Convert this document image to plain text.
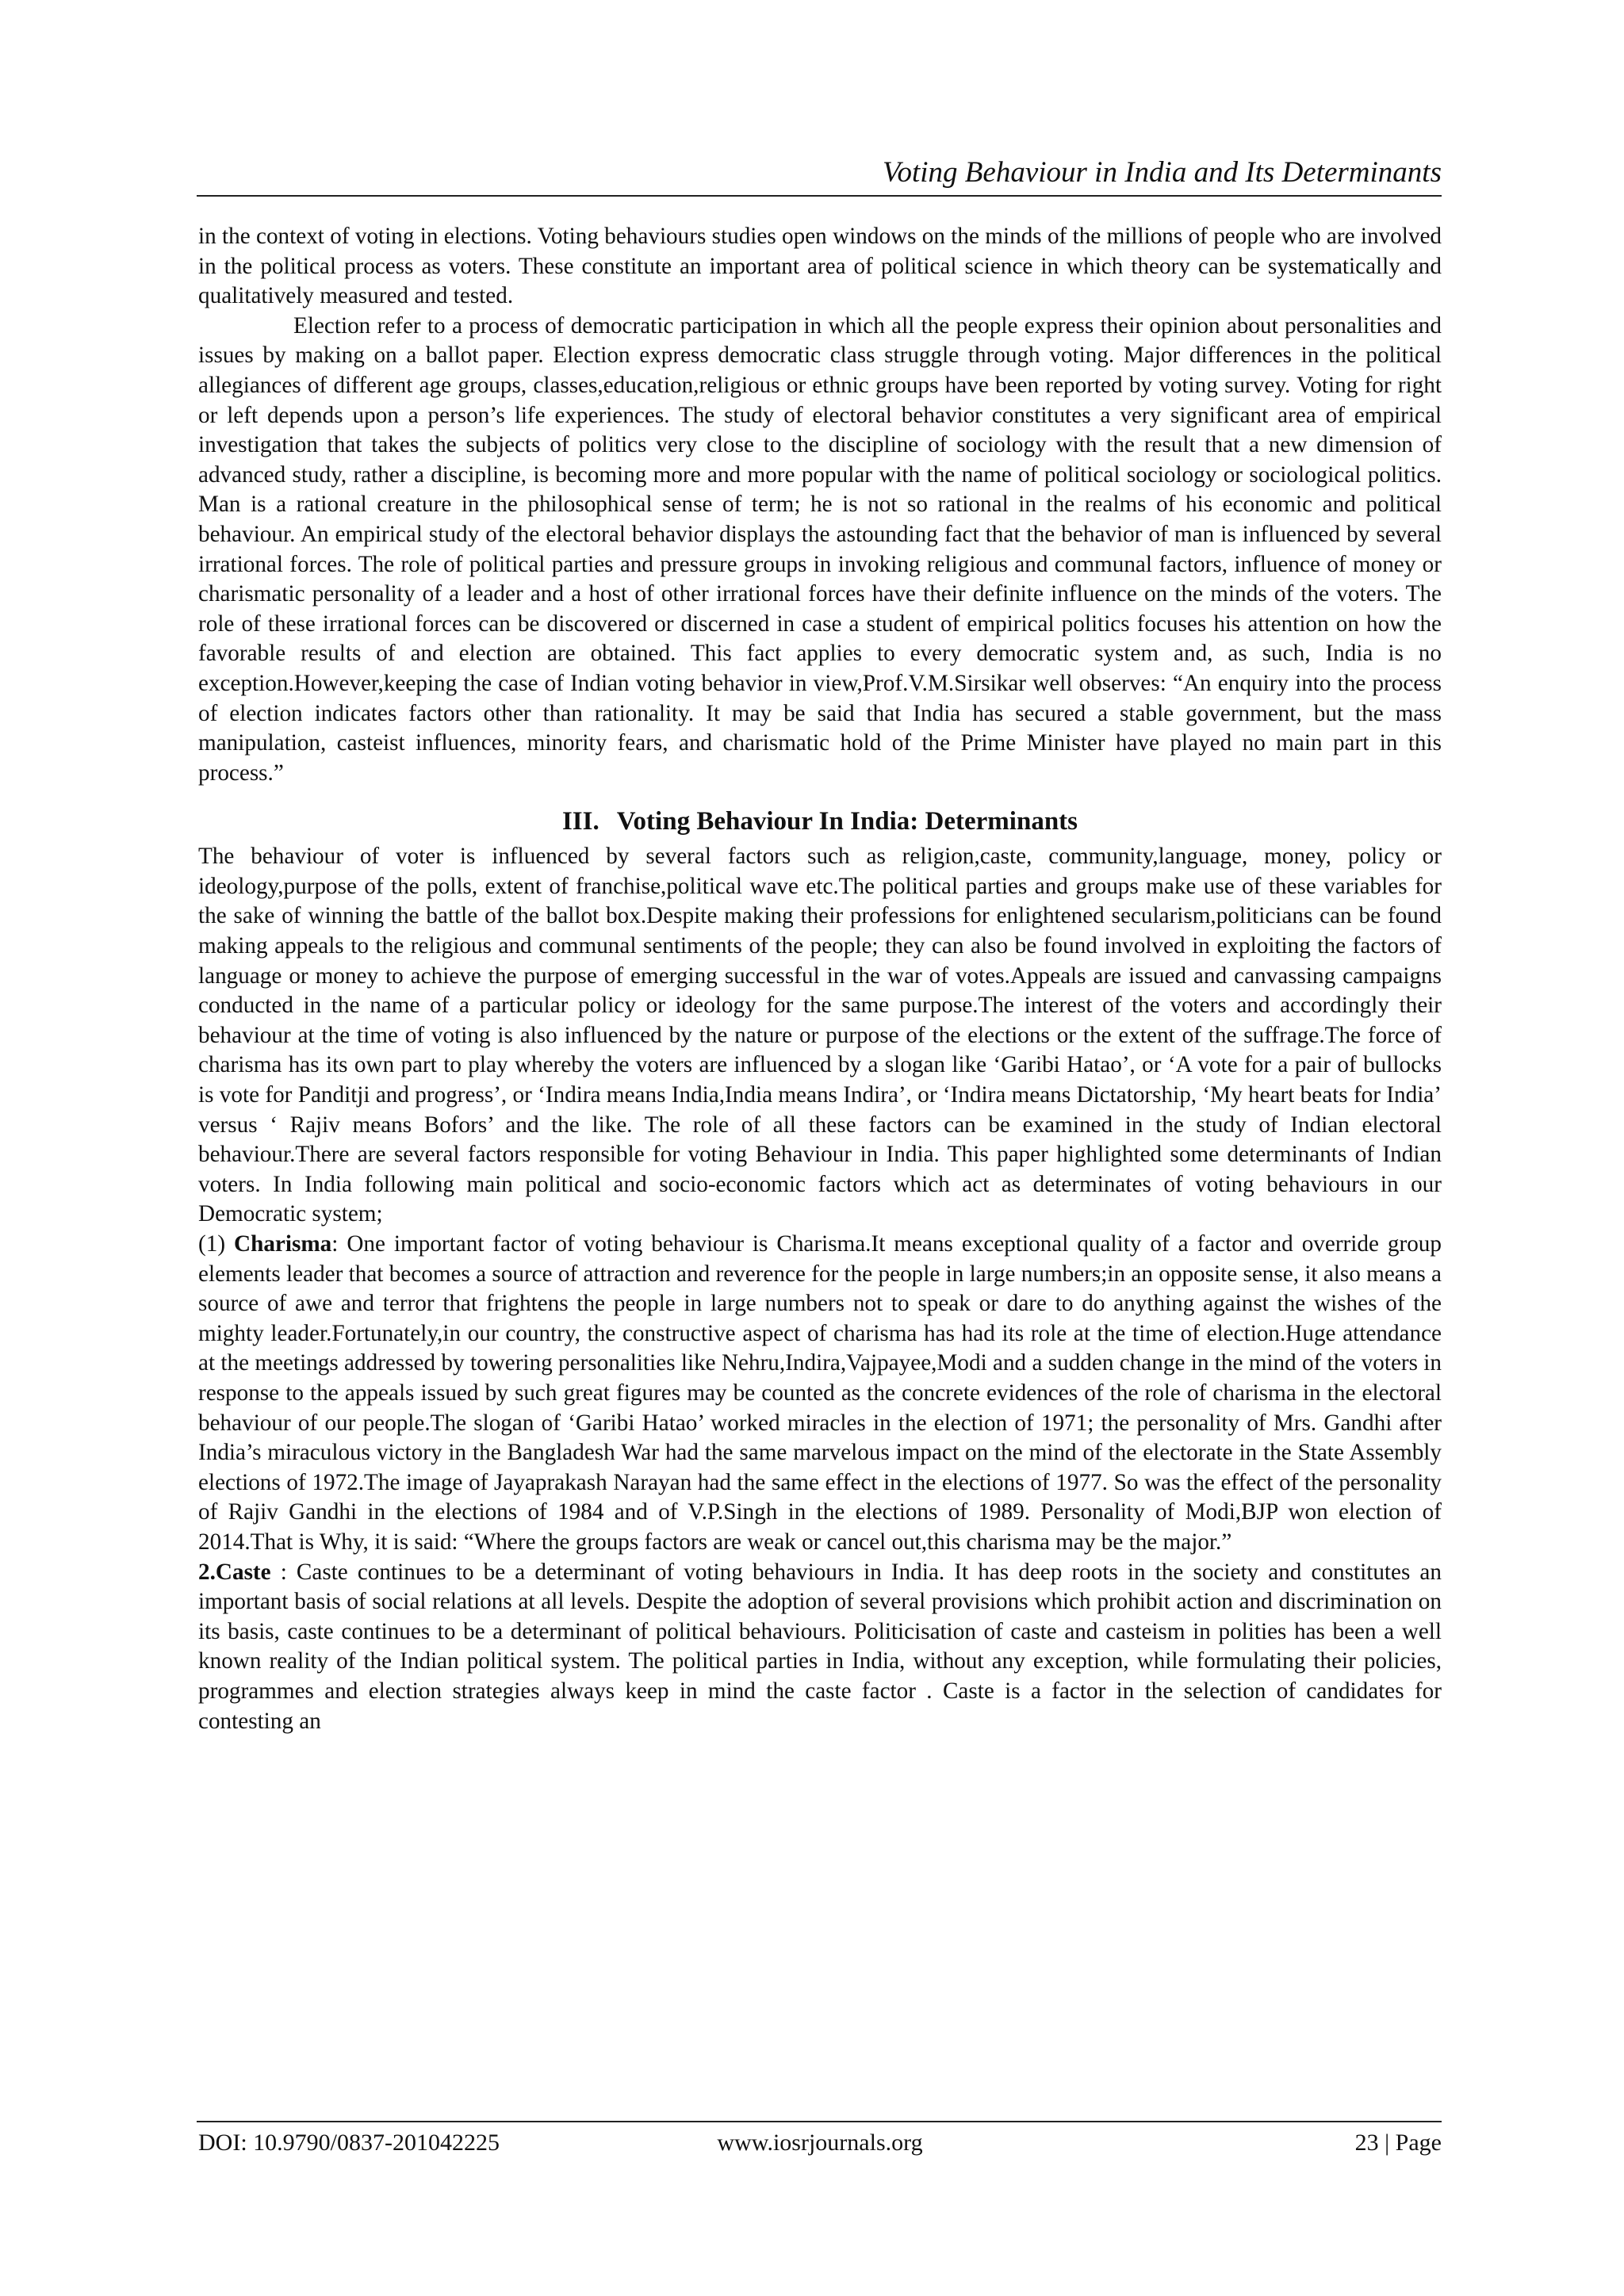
Voting Behaviour in India and Its Determinants

in the context of voting in elections. Voting behaviours studies open windows on the minds of the millions of people who are involved in the political process as voters. These constitute an important area of political science in which theory can be systematically and qualitatively measured and tested.

Election refer to a process of democratic participation in which all the people express their opinion about personalities and issues by making on a ballot paper. Election express democratic class struggle through voting. Major differences in the political allegiances of different age groups, classes,education,religious or ethnic groups have been reported by voting survey. Voting for right or left depends upon a person’s life experiences. The study of electoral behavior constitutes a very significant area of empirical investigation that takes the subjects of politics very close to the discipline of sociology with the result that a new dimension of advanced study, rather a discipline, is becoming more and more popular with the name of political sociology or sociological politics. Man is a rational creature in the philosophical sense of term; he is not so rational in the realms of his economic and political behaviour. An empirical study of the electoral behavior displays the astounding fact that the behavior of man is influenced by several irrational forces. The role of political parties and pressure groups in invoking religious and communal factors, influence of money or charismatic personality of a leader and a host of other irrational forces have their definite influence on the minds of the voters. The role of these irrational forces can be discovered or discerned in case a student of empirical politics focuses his attention on how the favorable results of and election are obtained. This fact applies to every democratic system and, as such, India is no exception.However,keeping the case of Indian voting behavior in view,Prof.V.M.Sirsikar well observes: “An enquiry into the process of election indicates factors other than rationality. It may be said that India has secured a stable government, but the mass manipulation, casteist influences, minority fears, and charismatic hold of the Prime Minister have played no main part in this process.”

III. Voting Behaviour In India: Determinants

The behaviour of voter is influenced by several factors such as religion,caste, community,language, money, policy or ideology,purpose of the polls, extent of franchise,political wave etc.The political parties and groups make use of these variables for the sake of winning the battle of the ballot box.Despite making their professions for enlightened secularism,politicians can be found making appeals to the religious and communal sentiments of the people; they can also be found involved in exploiting the factors of language or money to achieve the purpose of emerging successful in the war of votes.Appeals are issued and canvassing campaigns conducted in the name of a particular policy or ideology for the same purpose.The interest of the voters and accordingly their behaviour at the time of voting is also influenced by the nature or purpose of the elections or the extent of the suffrage.The force of charisma has its own part to play whereby the voters are influenced by a slogan like ‘Garibi Hatao’, or ‘A vote for a pair of bullocks is vote for Panditji and progress’, or ‘Indira means India,India means Indira’, or ‘Indira means Dictatorship, ‘My heart beats for India’ versus ‘ Rajiv means Bofors’ and the like. The role of all these factors can be examined in the study of Indian electoral behaviour.There are several factors responsible for voting Behaviour in India. This paper highlighted some determinants of Indian voters. In India following main political and socio-economic factors which act as determinates of voting behaviours in our Democratic system;

(1) Charisma: One important factor of voting behaviour is Charisma.It means exceptional quality of a factor and override group elements leader that becomes a source of attraction and reverence for the people in large numbers;in an opposite sense, it also means a source of awe and terror that frightens the people in large numbers not to speak or dare to do anything against the wishes of the mighty leader.Fortunately,in our country, the constructive aspect of charisma has had its role at the time of election.Huge attendance at the meetings addressed by towering personalities like Nehru,Indira,Vajpayee,Modi and a sudden change in the mind of the voters in response to the appeals issued by such great figures may be counted as the concrete evidences of the role of charisma in the electoral behaviour of our people.The slogan of ‘Garibi Hatao’ worked miracles in the election of 1971; the personality of Mrs. Gandhi after India’s miraculous victory in the Bangladesh War had the same marvelous impact on the mind of the electorate in the State Assembly elections of 1972.The image of Jayaprakash Narayan had the same effect in the elections of 1977. So was the effect of the personality of Rajiv Gandhi in the elections of 1984 and of V.P.Singh in the elections of 1989. Personality of Modi,BJP won election of 2014.That is Why, it is said: “Where the groups factors are weak or cancel out,this charisma may be the major.”

2.Caste : Caste continues to be a determinant of voting behaviours in India. It has deep roots in the society and constitutes an important basis of social relations at all levels. Despite the adoption of several provisions which prohibit action and discrimination on its basis, caste continues to be a determinant of political behaviours. Politicisation of caste and casteism in polities has been a well known reality of the Indian political system. The political parties in India, without any exception, while formulating their policies, programmes and election strategies always keep in mind the caste factor . Caste is a factor in the selection of candidates for contesting an

DOI: 10.9790/0837-201042225	www.iosrjournals.org	23 | Page
